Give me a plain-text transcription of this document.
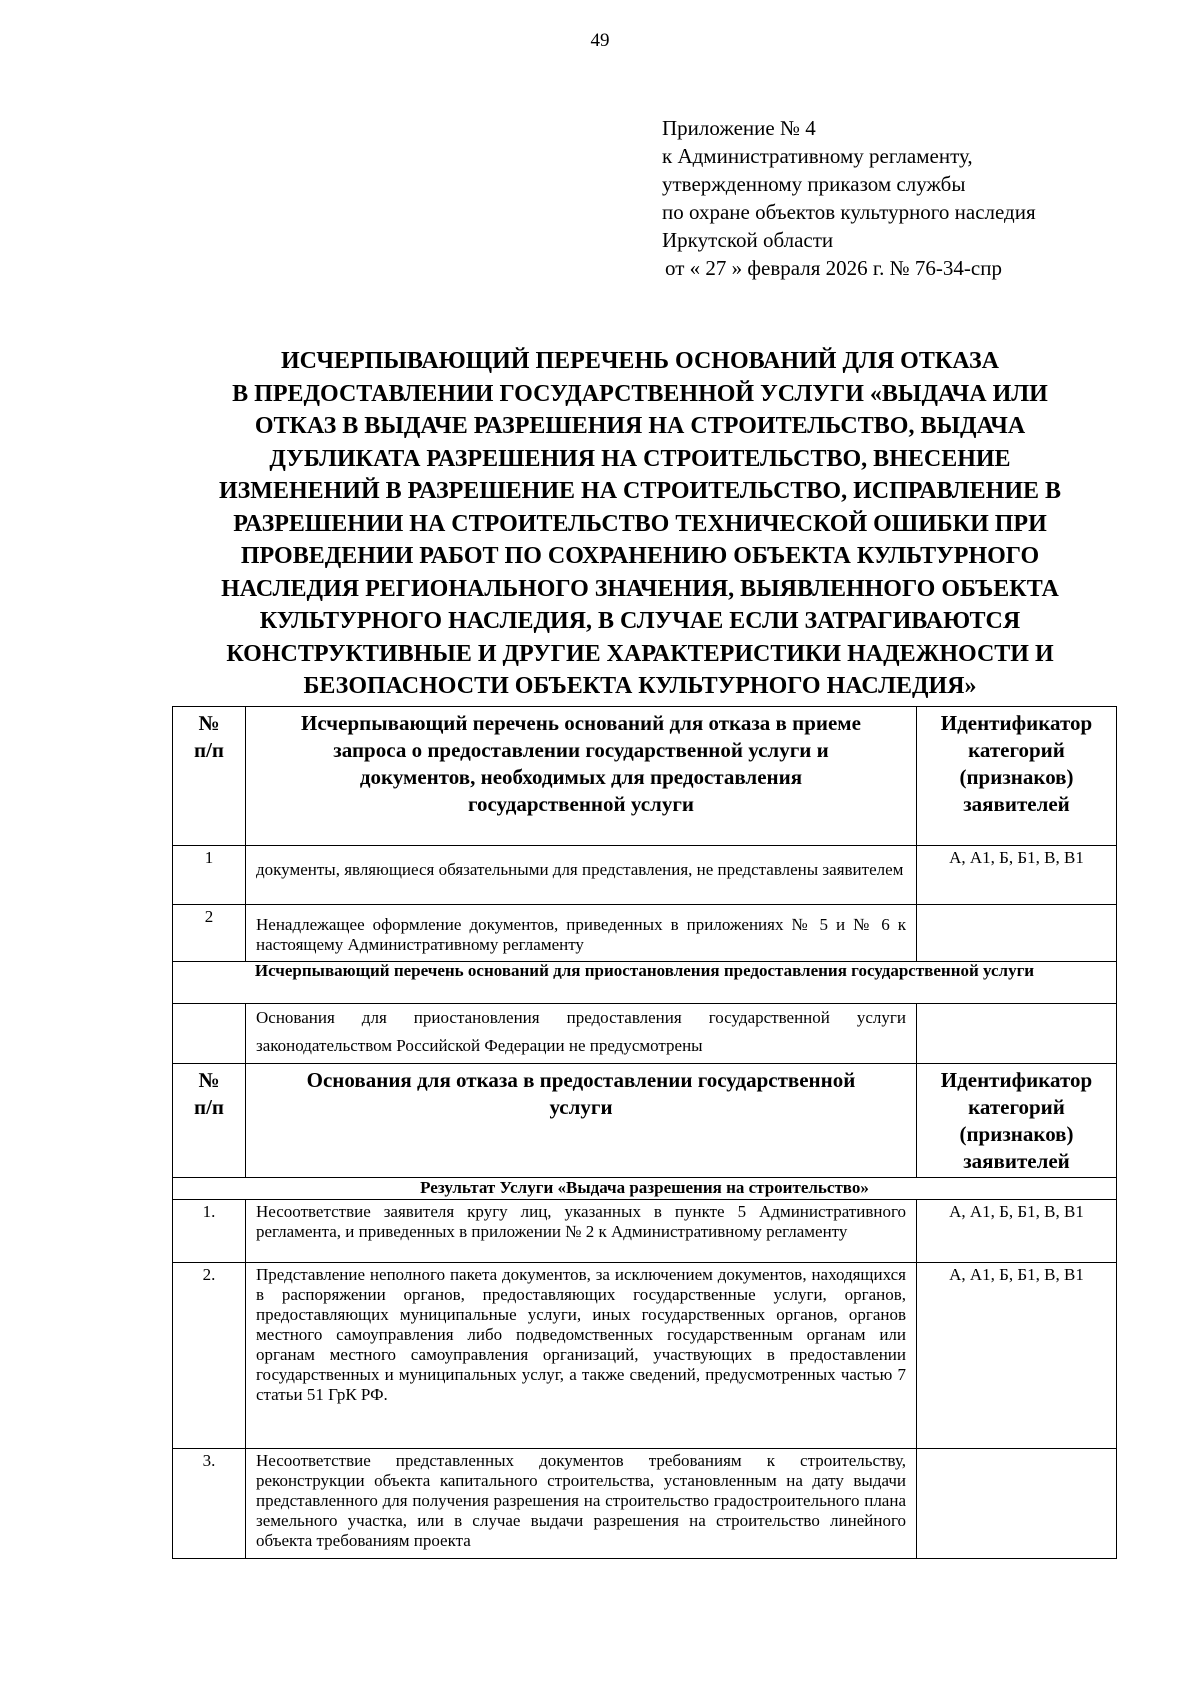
49
Приложение № 4
к Административному регламенту,
утвержденному приказом службы
по охране объектов культурного наследия
Иркутской области
от « 27 » февраля 2026 г. № 76-34-спр
ИСЧЕРПЫВАЮЩИЙ ПЕРЕЧЕНЬ ОСНОВАНИЙ ДЛЯ ОТКАЗА
В ПРЕДОСТАВЛЕНИИ ГОСУДАРСТВЕННОЙ УСЛУГИ «ВЫДАЧА ИЛИ
ОТКАЗ В ВЫДАЧЕ РАЗРЕШЕНИЯ НА СТРОИТЕЛЬСТВО, ВЫДАЧА
ДУБЛИКАТА РАЗРЕШЕНИЯ НА СТРОИТЕЛЬСТВО, ВНЕСЕНИЕ
ИЗМЕНЕНИЙ В РАЗРЕШЕНИЕ НА СТРОИТЕЛЬСТВО, ИСПРАВЛЕНИЕ В
РАЗРЕШЕНИИ НА СТРОИТЕЛЬСТВО ТЕХНИЧЕСКОЙ ОШИБКИ ПРИ
ПРОВЕДЕНИИ РАБОТ ПО СОХРАНЕНИЮ ОБЪЕКТА КУЛЬТУРНОГО
НАСЛЕДИЯ РЕГИОНАЛЬНОГО ЗНАЧЕНИЯ, ВЫЯВЛЕННОГО ОБЪЕКТА
КУЛЬТУРНОГО НАСЛЕДИЯ, В СЛУЧАЕ ЕСЛИ ЗАТРАГИВАЮТСЯ
КОНСТРУКТИВНЫЕ И ДРУГИЕ ХАРАКТЕРИСТИКИ НАДЕЖНОСТИ И
БЕЗОПАСНОСТИ ОБЪЕКТА КУЛЬТУРНОГО НАСЛЕДИЯ»
№
п/п	Исчерпывающий перечень оснований для отказа в приеме
запроса о предоставлении государственной услуги и
документов, необходимых для предоставления
государственной услуги	Идентификатор
категорий
(признаков)
заявителей

1	документы, являющиеся обязательными для представления, не представлены заявителем	А, А1, Б, Б1, В, В1
2	Ненадлежащее оформление документов, приведенных в приложениях № 5 и № 6 к настоящему Административному регламенту	
Исчерпывающий перечень оснований для приостановления предоставления государственной услуги		
	Основания для приостановления предоставления государственной услуги законодательством Российской Федерации не предусмотрены	

№
п/п	Основания для отказа в предоставлении государственной
услуги	Идентификатор
категорий
(признаков)
заявителей

Результат Услуги «Выдача разрешения на строительство»		
1.	Несоответствие заявителя кругу лиц, указанных в пункте 5 Административного регламента, и приведенных в приложении № 2 к Административному регламенту	А, А1, Б, Б1, В, В1
2.	Представление неполного пакета документов, за исключением документов, находящихся в распоряжении органов, предоставляющих государственные услуги, органов, предоставляющих муниципальные услуги, иных государственных органов, органов местного самоуправления либо подведомственных государственным органам или органам местного самоуправления организаций, участвующих в предоставлении государственных и муниципальных услуг, а также сведений, предусмотренных частью 7 статьи 51 ГрК РФ.	А, А1, Б, Б1, В, В1
3.	Несоответствие представленных документов требованиям к строительству, реконструкции объекта капитального строительства, установленным на дату выдачи представленного для получения разрешения на строительство градостроительного плана земельного участка, или в случае выдачи разрешения на строительство линейного объекта требованиям проекта	
